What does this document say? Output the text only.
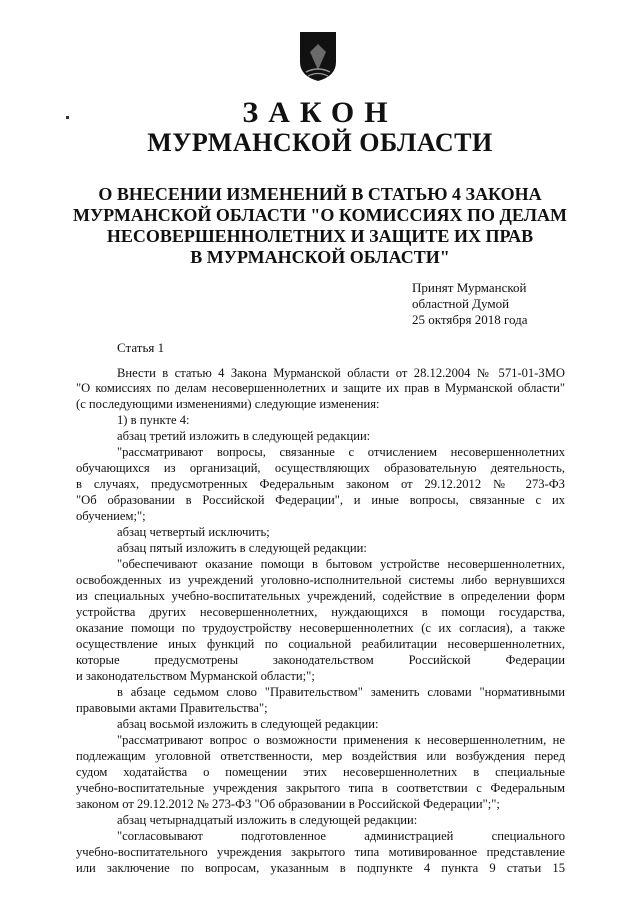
ЗАКОН
МУРМАНСКОЙ ОБЛАСТИ
О ВНЕСЕНИИ ИЗМЕНЕНИЙ В СТАТЬЮ 4 ЗАКОНА
МУРМАНСКОЙ ОБЛАСТИ "О КОМИССИЯХ ПО ДЕЛАМ
НЕСОВЕРШЕННОЛЕТНИХ И ЗАЩИТЕ ИХ ПРАВ
В МУРМАНСКОЙ ОБЛАСТИ"
Принят Мурманской
областной Думой
25 октября 2018 года
Статья 1
Внести в статью 4 Закона Мурманской области от 28.12.2004 № 571-01-ЗМО
"О комиссиях по делам несовершеннолетних и защите их прав в Мурманской области"
(с последующими изменениями) следующие изменения:
1) в пункте 4:
абзац третий изложить в следующей редакции:
"рассматривают вопросы, связанные с отчислением несовершеннолетних
обучающихся из организаций, осуществляющих образовательную деятельность,
в случаях, предусмотренных Федеральным законом от 29.12.2012 № 273-ФЗ
"Об образовании в Российской Федерации", и иные вопросы, связанные с их
обучением;";
абзац четвертый исключить;
абзац пятый изложить в следующей редакции:
"обеспечивают оказание помощи в бытовом устройстве несовершеннолетних,
освобожденных из учреждений уголовно-исполнительной системы либо вернувшихся
из специальных учебно-воспитательных учреждений, содействие в определении форм
устройства других несовершеннолетних, нуждающихся в помощи государства,
оказание помощи по трудоустройству несовершеннолетних (с их согласия), а также
осуществление иных функций по социальной реабилитации несовершеннолетних,
которые предусмотрены законодательством Российской Федерации
и законодательством Мурманской области;";
в абзаце седьмом слово "Правительством" заменить словами "нормативными
правовыми актами Правительства";
абзац восьмой изложить в следующей редакции:
"рассматривают вопрос о возможности применения к несовершеннолетним, не
подлежащим уголовной ответственности, мер воздействия или возбуждения перед
судом ходатайства о помещении этих несовершеннолетних в специальные
учебно-воспитательные учреждения закрытого типа в соответствии с Федеральным
законом от 29.12.2012 № 273-ФЗ "Об образовании в Российской Федерации";";
абзац четырнадцатый изложить в следующей редакции:
"согласовывают подготовленное администрацией специального
учебно-воспитательного учреждения закрытого типа мотивированное представление
или заключение по вопросам, указанным в подпункте 4 пункта 9 статьи 15
